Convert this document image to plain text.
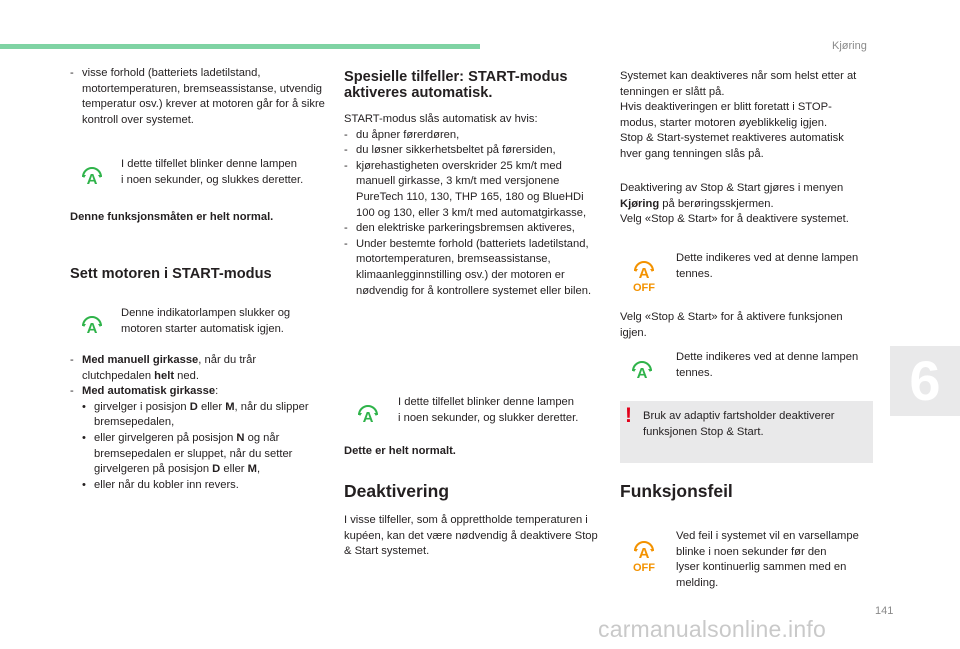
Kjøring
6
141
carmanualsonline.info
- visse forhold (batteriets ladetilstand, motortemperaturen, bremseassistanse, utvendig temperatur osv.) krever at motoren går for å sikre kontroll over systemet.
A
I dette tilfellet blinker denne lampen
i noen sekunder, og slukkes deretter.
Denne funksjonsmåten er helt normal.
Sett motoren i START-modus
A
Denne indikatorlampen slukker og
motoren starter automatisk igjen.
- Med manuell girkasse, når du trår clutchpedalen helt ned.
- Med automatisk girkasse:
• girvelger i posisjon D eller M, når du slipper bremsepedalen,
• eller girvelgeren på posisjon N og når bremsepedalen er sluppet, når du setter girvelgeren på posisjon D eller M,
• eller når du kobler inn revers.
Spesielle tilfeller: START-modus
aktiveres automatisk.
START-modus slås automatisk av hvis:
- du åpner førerdøren,
- du løsner sikkerhetsbeltet på førersiden,
- kjørehastigheten overskrider 25 km/t med manuell girkasse, 3 km/t med versjonene PureTech 110, 130, THP 165, 180 og BlueHDi 100 og 130, eller 3 km/t med automatgirkasse,
- den elektriske parkeringsbremsen aktiveres,
- Under bestemte forhold (batteriets ladetilstand, motortemperaturen, bremseassistanse, klimaanlegginnstilling osv.) der motoren er nødvendig for å kontrollere systemet eller bilen.
A
I dette tilfellet blinker denne lampen
i noen sekunder, og slukker deretter.
Dette er helt normalt.
Deaktivering
I visse tilfeller, som å opprettholde temperaturen i kupéen, kan det være nødvendig å deaktivere Stop & Start systemet.
Systemet kan deaktiveres når som helst etter at
tenningen er slått på.
Hvis deaktiveringen er blitt foretatt i STOP-
modus, starter motoren øyeblikkelig igjen.
Stop & Start-systemet reaktiveres automatisk
hver gang tenningen slås på.
Deaktivering av Stop & Start gjøres i menyen
Kjøring på berøringsskjermen.
Velg «Stop & Start» for å deaktivere systemet.
A
OFF
Dette indikeres ved at denne lampen
tennes.
Velg «Stop & Start» for å aktivere funksjonen
igjen.
A
Dette indikeres ved at denne lampen
tennes.
! Bruk av adaptiv fartsholder deaktiverer
funksjonen Stop & Start.
Funksjonsfeil
A
OFF
Ved feil i systemet vil en varsellampe
blinke i noen sekunder før den
lyser kontinuerlig sammen med en
melding.
